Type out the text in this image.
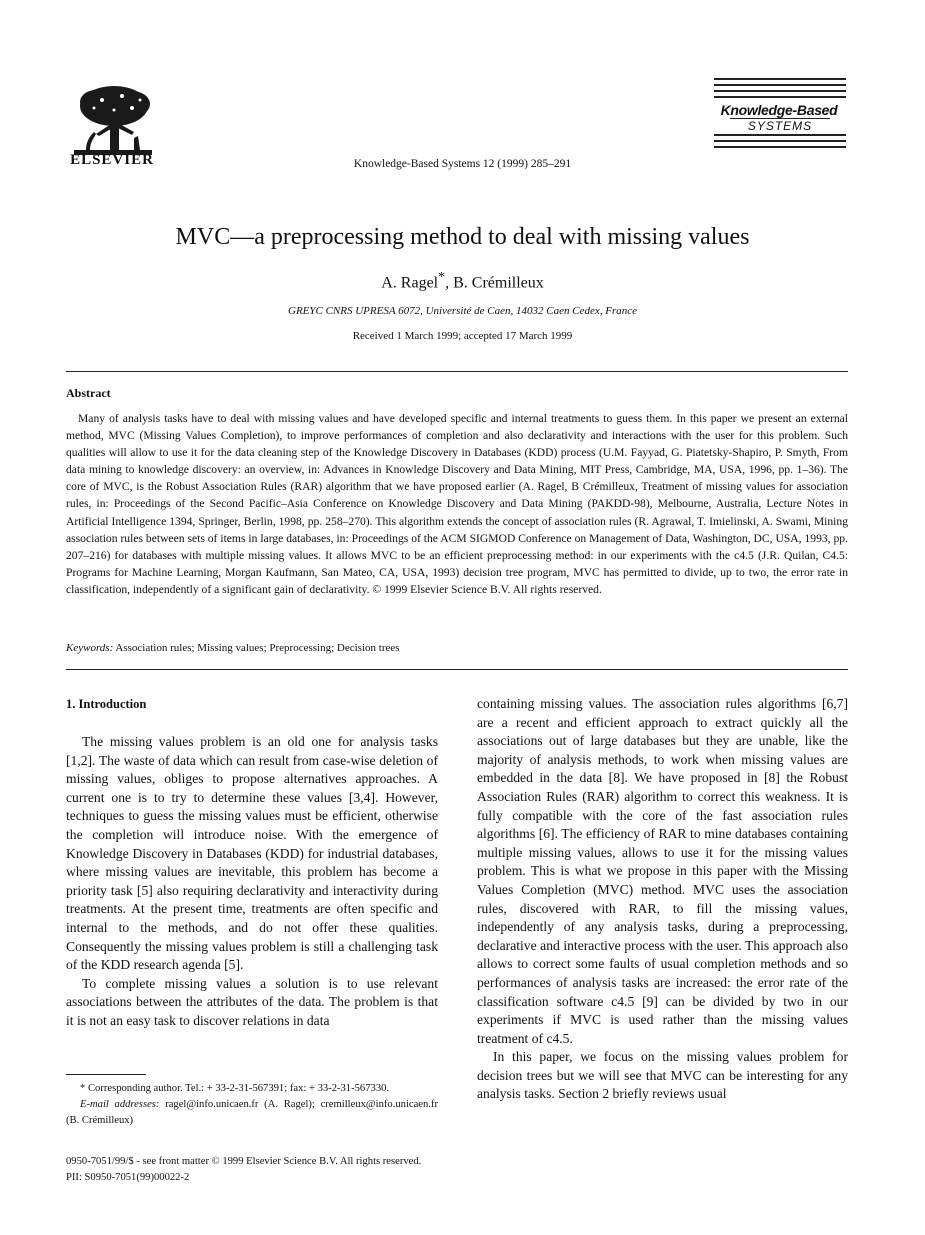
ELSEVIER	Knowledge-Based Systems 12 (1999) 285–291
Knowledge-Based
SYSTEMS
MVC—a preprocessing method to deal with missing values
A. Ragel*, B. Crémilleux
GREYC CNRS UPRESA 6072, Université de Caen, 14032 Caen Cedex, France
Received 1 March 1999; accepted 17 March 1999
Abstract
Many of analysis tasks have to deal with missing values and have developed specific and internal treatments to guess them. In this paper we present an external method, MVC (Missing Values Completion), to improve performances of completion and also declarativity and interactions with the user for this problem. Such qualities will allow to use it for the data cleaning step of the Knowledge Discovery in Databases (KDD) process (U.M. Fayyad, G. Piatetsky-Shapiro, P. Smyth, From data mining to knowledge discovery: an overview, in: Advances in Knowledge Discovery and Data Mining, MIT Press, Cambridge, MA, USA, 1996, pp. 1–36). The core of MVC, is the Robust Association Rules (RAR) algorithm that we have proposed earlier (A. Ragel, B Crémilleux, Treatment of missing values for association rules, in: Proceedings of the Second Pacific–Asia Conference on Knowledge Discovery and Data Mining (PAKDD-98), Melbourne, Australia, Lecture Notes in Artificial Intelligence 1394, Springer, Berlin, 1998, pp. 258–270). This algorithm extends the concept of association rules (R. Agrawal, T. Imielinski, A. Swami, Mining association rules between sets of items in large databases, in: Proceedings of the ACM SIGMOD Conference on Management of Data, Washington, DC, USA, 1993, pp. 207–216) for databases with multiple missing values. It allows MVC to be an efficient preprocessing method: in our experiments with the c4.5 (J.R. Quilan, C4.5: Programs for Machine Learning, Morgan Kaufmann, San Mateo, CA, USA, 1993) decision tree program, MVC has permitted to divide, up to two, the error rate in classification, independently of a significant gain of declarativity. © 1999 Elsevier Science B.V. All rights reserved.
Keywords: Association rules; Missing values; Preprocessing; Decision trees
1. Introduction

The missing values problem is an old one for analysis tasks [1,2]. The waste of data which can result from case-wise deletion of missing values, obliges to propose alternatives approaches. A current one is to try to determine these values [3,4]. However, techniques to guess the missing values must be efficient, otherwise the completion will introduce noise. With the emergence of Knowledge Discovery in Databases (KDD) for industrial databases, where missing values are inevitable, this problem has become a priority task [5] also requiring declarativity and interactivity during treatments. At the present time, treatments are often specific and internal to the methods, and do not offer these qualities. Consequently the missing values problem is still a challenging task of the KDD research agenda [5].

To complete missing values a solution is to use relevant associations between the attributes of the data. The problem is that it is not an easy task to discover relations in data

containing missing values. The association rules algorithms [6,7] are a recent and efficient approach to extract quickly all the associations out of large databases but they are unable, like the majority of analysis methods, to work when missing values are embedded in the data [8]. We have proposed in [8] the Robust Association Rules (RAR) algorithm to correct this weakness. It is fully compatible with the core of the fast association rules algorithms [6]. The efficiency of RAR to mine databases containing multiple missing values, allows to use it for the missing values problem. This is what we propose in this paper with the Missing Values Completion (MVC) method. MVC uses the association rules, discovered with RAR, to fill the missing values, independently of any analysis tasks, during a preprocessing, declarative and interactive process with the user. This approach also allows to correct some faults of usual completion methods and so performances of analysis tasks are increased: the error rate of the classification software c4.5 [9] can be divided by two in our experiments if MVC is used rather than the missing values treatment of c4.5.

In this paper, we focus on the missing values problem for decision trees but we will see that MVC can be interesting for any analysis tasks. Section 2 briefly reviews usual

* Corresponding author. Tel.: + 33-2-31-567391; fax: + 33-2-31-567330.

E-mail addresses: ragel@info.unicaen.fr (A. Ragel); cremilleux@info.unicaen.fr (B. Crémilleux)

0950-7051/99/$ - see front matter © 1999 Elsevier Science B.V. All rights reserved.
PII: S0950-7051(99)00022-2
